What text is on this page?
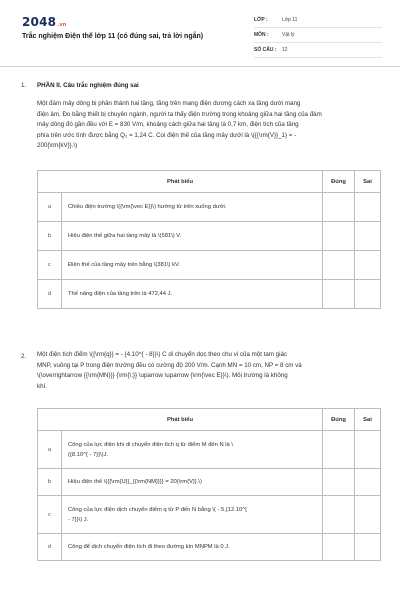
2048.vn
Trắc nghiệm Điện thế lớp 11 (có đúng sai, trả lời ngắn)
LỚP :	Lớp 11
MÔN :	Vật lý
SỐ CÂU : 12
1. PHẦN II. Câu trắc nghiệm đúng sai
Một đám mây dông bị phân thành hai tầng, tầng trên mang điện dương cách xa tầng dưới mang
điện âm. Đo bằng thiết bị chuyên ngành, người ta thấy điện trường trong khoảng giữa hai tầng của đám
mây dông đó gần đều với E = 830 V/m, khoảng cách giữa hai tầng là 0,7 km, điện tích của tầng
phía trên ước tính được bằng Q₂ = 1,24 C. Coi điện thế của tầng mây dưới là \({{\rm{V}}_1} = -
200{\rm{kV}}.\)
Phát biểu		Đúng	Sai
a	Chiều điện trường \({\rm{\vec E}}\) hướng từ trên xuống dưới.		

b	Hiệu điện thế giữa hai tầng mây là \(581\) V.		

c	Điện thế của tầng mây trên bằng \(381\) kV.		

d	Thế năng điện của tầng trên là 472,44 J.		

2. Một điện tích điểm \({\rm{q}} = - {4.10^{ - 8}}\) C di chuyển dọc theo chu vi của một tam giác
MNP, vuông tại P trong điện trường đều có cường độ 200 V/m. Cạnh MN = 10 cm, NP = 8 cm và
\(\overrightarrow {{\rm{MN}}} {\rm{\;}} \uparrow \uparrow {\rm{\vec E}}\). Môi trường là không
khí.
Phát biểu		Đúng	Sai
a	Công của lực điện khi di chuyển điện tích q từ điểm M đến N là \
({8.10^{ - 7}}\)J.		

b	Hiệu điện thế \({{\rm{U}}_{{\rm{NM}}}} = 20{\rm{V}}.\)		

c	Công của lực điện dịch chuyển điểm q từ P đến N bằng \( - 5,{12.10^{
- 7}}\) J.		

d	Công để dịch chuyển điện tích đi theo đường kín MNPM là 0 J.		
